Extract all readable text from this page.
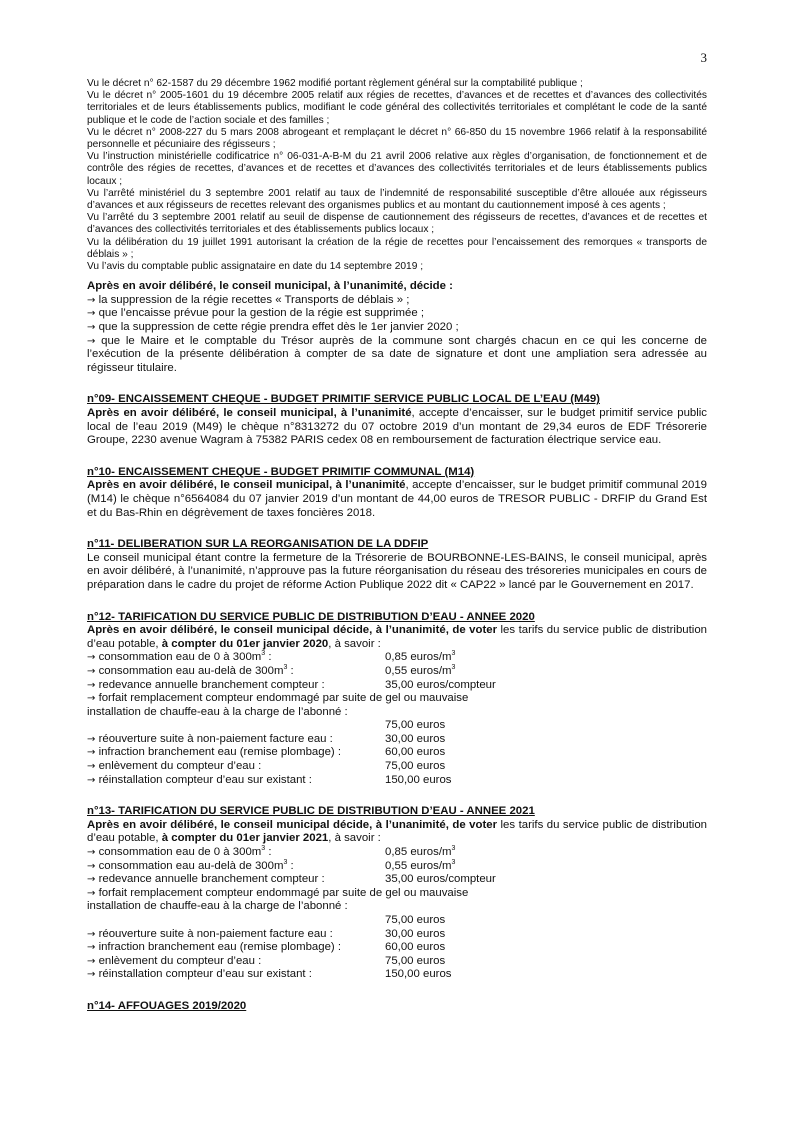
3

Vu le décret n° 62-1587 du 29 décembre 1962 modifié portant règlement général sur la comptabilité publique ;

Vu le décret n° 2005-1601 du 19 décembre 2005 relatif aux régies de recettes, d’avances et de recettes et d’avances des collectivités territoriales et de leurs établissements publics, modifiant le code général des collectivités territoriales et complétant le code de la santé publique et le code de l’action sociale et des familles ;

Vu le décret n° 2008-227 du 5 mars 2008 abrogeant et remplaçant le décret n° 66-850 du 15 novembre 1966 relatif à la responsabilité personnelle et pécuniaire des régisseurs ;

Vu l’instruction ministérielle codificatrice n° 06-031-A-B-M du 21 avril 2006 relative aux règles d’organisation, de fonctionnement et de contrôle des régies de recettes, d’avances et de recettes et d’avances des collectivités territoriales et de leurs établissements publics locaux ;

Vu l’arrêté ministériel du 3 septembre 2001 relatif au taux de l’indemnité de responsabilité susceptible d’être allouée aux régisseurs d’avances et aux régisseurs de recettes relevant des organismes publics et au montant du cautionnement imposé à ces agents ;

Vu l’arrêté du 3 septembre 2001 relatif au seuil de dispense de cautionnement des régisseurs de recettes, d’avances et de recettes et d’avances des collectivités territoriales et des établissements publics locaux ;

Vu la délibération du 19 juillet 1991 autorisant la création de la régie de recettes pour l’encaissement des remorques « transports de déblais » ;

Vu l’avis du comptable public assignataire en date du 14 septembre 2019 ;

Après en avoir délibéré, le conseil municipal, à l’unanimité, décide :

→ la suppression de la régie recettes « Transports de déblais » ;

→ que l’encaisse prévue pour la gestion de la régie est supprimée ;

→ que la suppression de cette régie prendra effet dès le 1er janvier 2020 ;

→ que le Maire et le comptable du Trésor auprès de la commune sont chargés chacun en ce qui les concerne de l’exécution de la présente délibération à compter de sa date de signature et dont une ampliation sera adressée au régisseur titulaire.

n°09- ENCAISSEMENT CHEQUE - BUDGET PRIMITIF SERVICE PUBLIC LOCAL DE L’EAU (M49)

Après en avoir délibéré, le conseil municipal, à l’unanimité, accepte d’encaisser, sur le budget primitif service public local de l’eau 2019 (M49) le chèque n°8313272 du 07 octobre 2019 d’un montant de 29,34 euros de EDF Trésorerie Groupe, 2230 avenue Wagram à 75382 PARIS cedex 08 en remboursement de facturation électrique service eau.

n°10- ENCAISSEMENT CHEQUE - BUDGET PRIMITIF COMMUNAL (M14)

Après en avoir délibéré, le conseil municipal, à l’unanimité, accepte d’encaisser, sur le budget primitif communal 2019 (M14) le chèque n°6564084 du 07 janvier 2019 d’un montant de 44,00 euros de TRESOR PUBLIC - DRFIP du Grand Est et du Bas-Rhin en dégrèvement de taxes foncières 2018.

n°11- DELIBERATION SUR LA REORGANISATION DE LA DDFIP

Le conseil municipal étant contre la fermeture de la Trésorerie de BOURBONNE-LES-BAINS, le conseil municipal, après en avoir délibéré, à l’unanimité, n’approuve pas la future réorganisation du réseau des trésoreries municipales en cours de préparation dans le cadre du projet de réforme Action Publique 2022 dit « CAP22 » lancé par le Gouvernement en 2017.

n°12- TARIFICATION DU SERVICE PUBLIC DE DISTRIBUTION D’EAU - ANNEE 2020

Après en avoir délibéré, le conseil municipal décide, à l’unanimité, de voter les tarifs du service public de distribution d’eau potable, à compter du 01er janvier 2020, à savoir :

→ consommation eau de 0 à $300m^3$ :	0,85 euros/$m^3$
→ consommation eau au-delà de $300m^3$ :	0,55 euros/$m^3$
→ redevance annuelle branchement compteur :	35,00 euros/compteur
→ forfait remplacement compteur endommagé par suite de gel ou mauvaise installation de chauffe-eau à la charge de l’abonné :	
	75,00 euros
→ réouverture suite à non-paiement facture eau :	30,00 euros
→ infraction branchement eau (remise plombage) :	60,00 euros
→ enlèvement du compteur d’eau :	75,00 euros
→ réinstallation compteur d’eau sur existant :	150,00 euros

n°13- TARIFICATION DU SERVICE PUBLIC DE DISTRIBUTION D’EAU - ANNEE 2021

Après en avoir délibéré, le conseil municipal décide, à l’unanimité, de voter les tarifs du service public de distribution d’eau potable, à compter du 01er janvier 2021, à savoir :

→ consommation eau de 0 à $300m^3$ :	0,85 euros/$m^3$
→ consommation eau au-delà de $300m^3$ :	0,55 euros/$m^3$
→ redevance annuelle branchement compteur :	35,00 euros/compteur
→ forfait remplacement compteur endommagé par suite de gel ou mauvaise installation de chauffe-eau à la charge de l’abonné :	
	75,00 euros
→ réouverture suite à non-paiement facture eau :	30,00 euros
→ infraction branchement eau (remise plombage) :	60,00 euros
→ enlèvement du compteur d’eau :	75,00 euros
→ réinstallation compteur d’eau sur existant :	150,00 euros

n°14- AFFOUAGES 2019/2020
